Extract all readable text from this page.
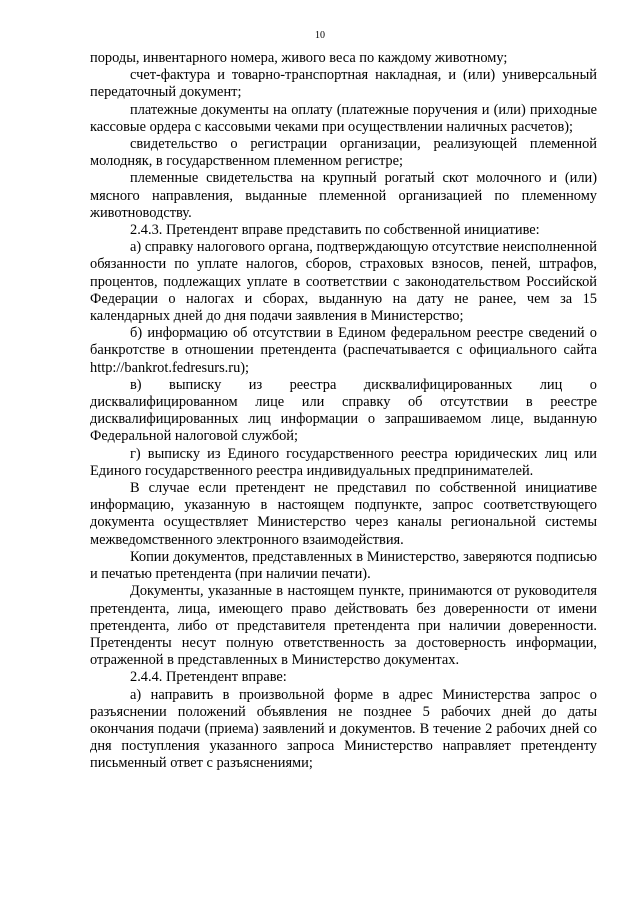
10

породы, инвентарного номера, живого веса по каждому животному;

счет-фактура и товарно-транспортная накладная, и (или) универсальный передаточный документ;

платежные документы на оплату (платежные поручения и (или) приходные кассовые ордера с кассовыми чеками при осуществлении наличных расчетов);

свидетельство о регистрации организации, реализующей племенной молодняк, в государственном племенном регистре;

племенные свидетельства на крупный рогатый скот молочного и (или) мясного направления, выданные племенной организацией по племенному животноводству.

2.4.3. Претендент вправе представить по собственной инициативе:

а) справку налогового органа, подтверждающую отсутствие неисполненной обязанности по уплате налогов, сборов, страховых взносов, пеней, штрафов, процентов, подлежащих уплате в соответствии с законодательством Российской Федерации о налогах и сборах, выданную на дату не ранее, чем за 15 календарных дней до дня подачи заявления в Министерство;

б) информацию об отсутствии в Едином федеральном реестре сведений о банкротстве в отношении претендента (распечатывается с официального сайта http://bankrot.fedresurs.ru);

в) выписку из реестра дисквалифицированных лиц о дисквалифицированном лице или справку об отсутствии в реестре дисквалифицированных лиц информации о запрашиваемом лице, выданную Федеральной налоговой службой;

г) выписку из Единого государственного реестра юридических лиц или Единого государственного реестра индивидуальных предпринимателей.

В случае если претендент не представил по собственной инициативе информацию, указанную в настоящем подпункте, запрос соответствующего документа осуществляет Министерство через каналы региональной системы межведомственного электронного взаимодействия.

Копии документов, представленных в Министерство, заверяются подписью и печатью претендента (при наличии печати).

Документы, указанные в настоящем пункте, принимаются от руководителя претендента, лица, имеющего право действовать без доверенности от имени претендента, либо от представителя претендента при наличии доверенности. Претенденты несут полную ответственность за достоверность информации, отраженной в представленных в Министерство документах.

2.4.4. Претендент вправе:

а) направить в произвольной форме в адрес Министерства запрос о разъяснении положений объявления не позднее 5 рабочих дней до даты окончания подачи (приема) заявлений и документов. В течение 2 рабочих дней со дня поступления указанного запроса Министерство направляет претенденту письменный ответ с разъяснениями;
